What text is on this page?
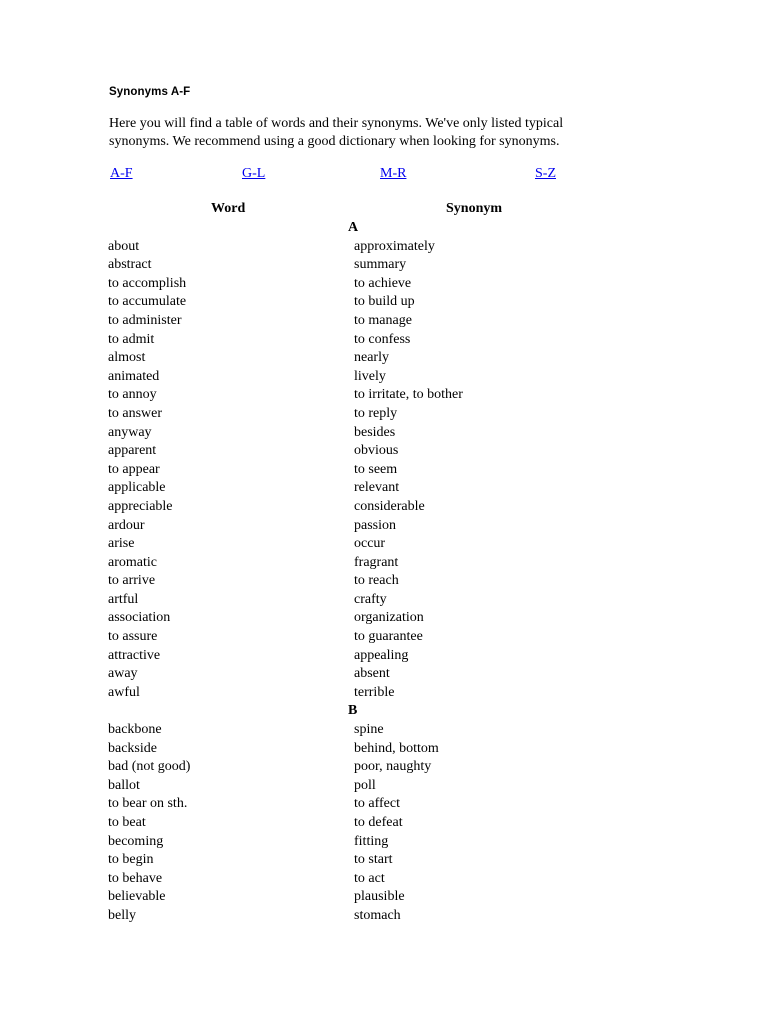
Synonyms A-F

Here you will find a table of words and their synonyms. We've only listed typical

synonyms. We recommend using a good dictionary when looking for synonyms.

A-F	G-L	M-R	S-Z
Word	Synonym
A
about	approximately
abstract	summary
to accomplish	to achieve
to accumulate	to build up
to administer	to manage
to admit	to confess
almost	nearly
animated	lively
to annoy	to irritate, to bother
to answer	to reply
anyway	besides
apparent	obvious
to appear	to seem
applicable	relevant
appreciable	considerable
ardour	passion
arise	occur
aromatic	fragrant
to arrive	to reach
artful	crafty
association	organization
to assure	to guarantee
attractive	appealing
away	absent
awful	terrible
B
backbone	spine
backside	behind, bottom
bad (not good)	poor, naughty
ballot	poll
to bear on sth.	to affect
to beat	to defeat
becoming	fitting
to begin	to start
to behave	to act
believable	plausible
belly	stomach
